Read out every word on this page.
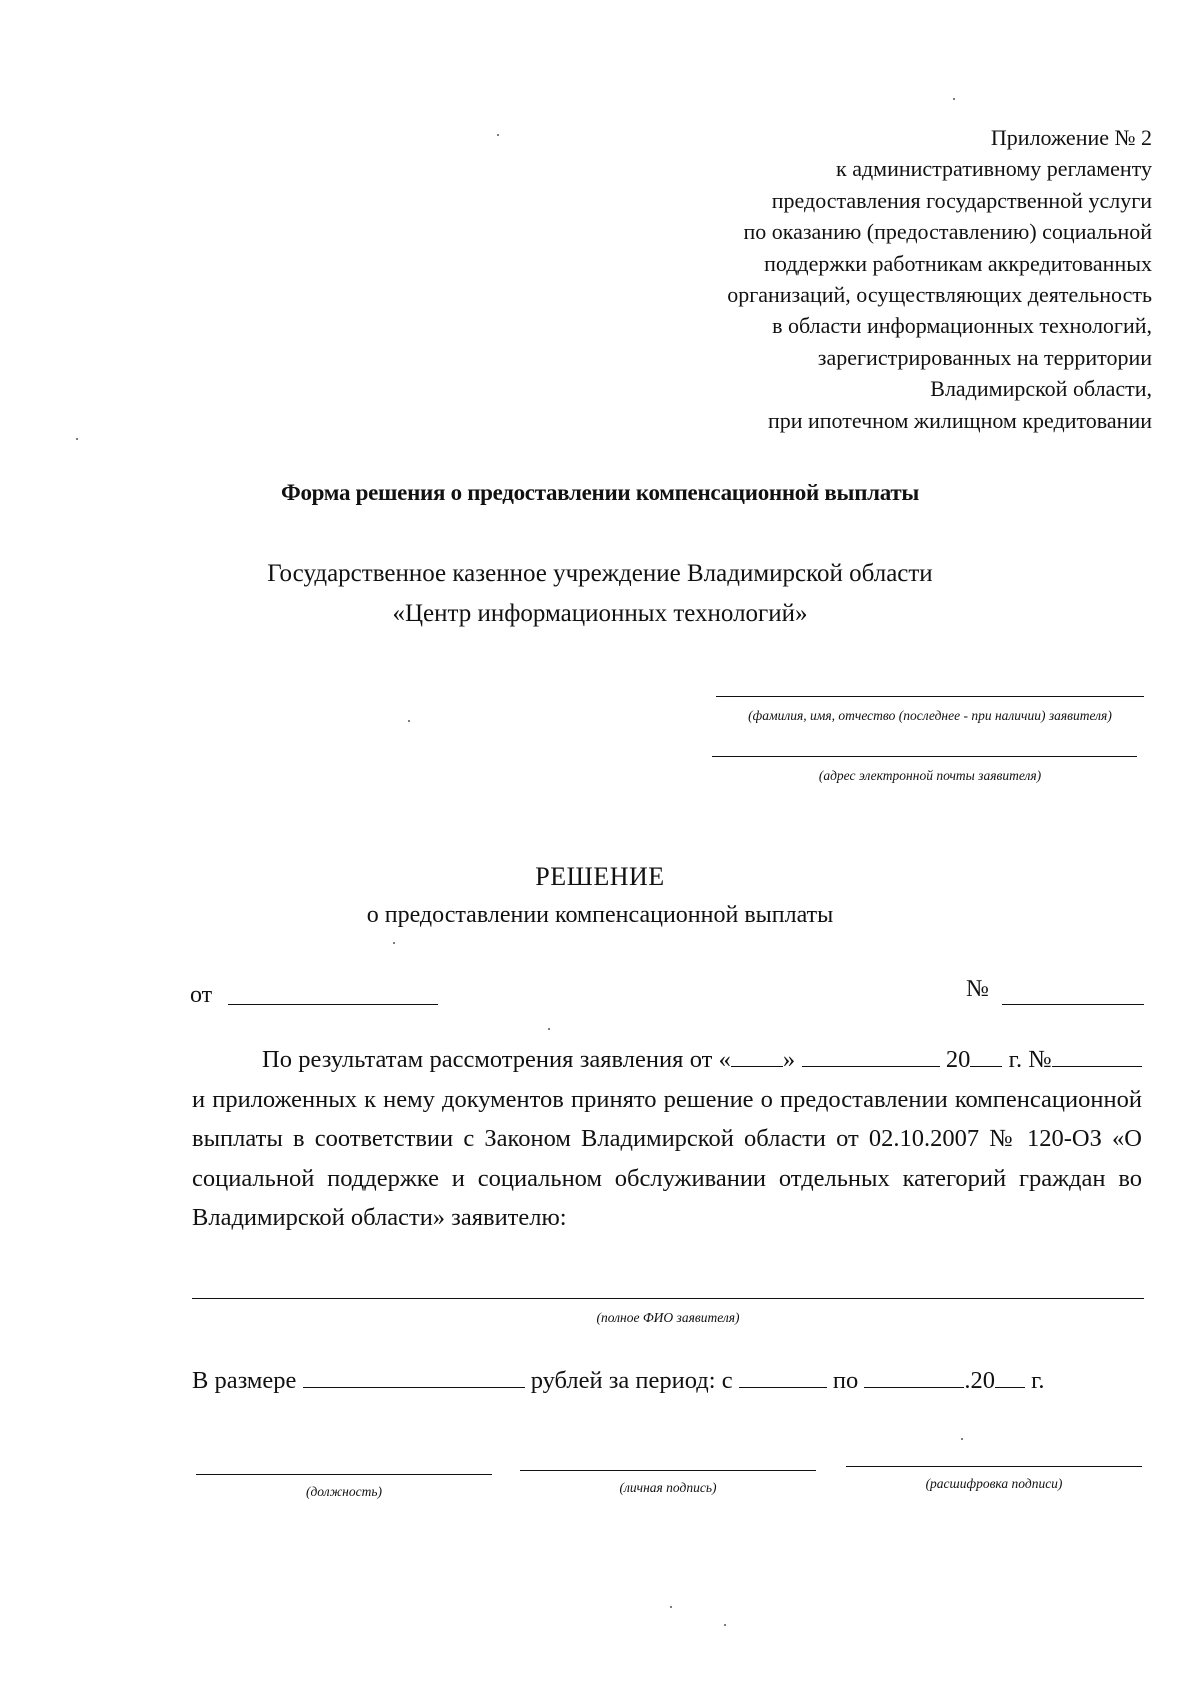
Приложение № 2
к административному регламенту
предоставления государственной услуги
по оказанию (предоставлению) социальной
поддержки работникам аккредитованных
организаций, осуществляющих деятельность
в области информационных технологий,
зарегистрированных на территории
Владимирской области,
при ипотечном жилищном кредитовании
Форма решения о предоставлении компенсационной выплаты
Государственное казенное учреждение Владимирской области
«Центр информационных технологий»
(фамилия, имя, отчество (последнее - при наличии) заявителя)
(адрес электронной почты заявителя)
РЕШЕНИЕ
о предоставлении компенсационной выплаты
от	№
По результатам рассмотрения заявления от « »	20 г. № и приложенных к нему документов принято решение о предоставлении компенсационной выплаты в соответствии с Законом Владимирской области от 02.10.2007 № 120-ОЗ «О социальной поддержке и социальном обслуживании отдельных категорий граждан во Владимирской области» заявителю:
(полное ФИО заявителя)
В размере	рублей за период: с	по	.20 г.
(должность)	(личная подпись)	(расшифровка подписи)
